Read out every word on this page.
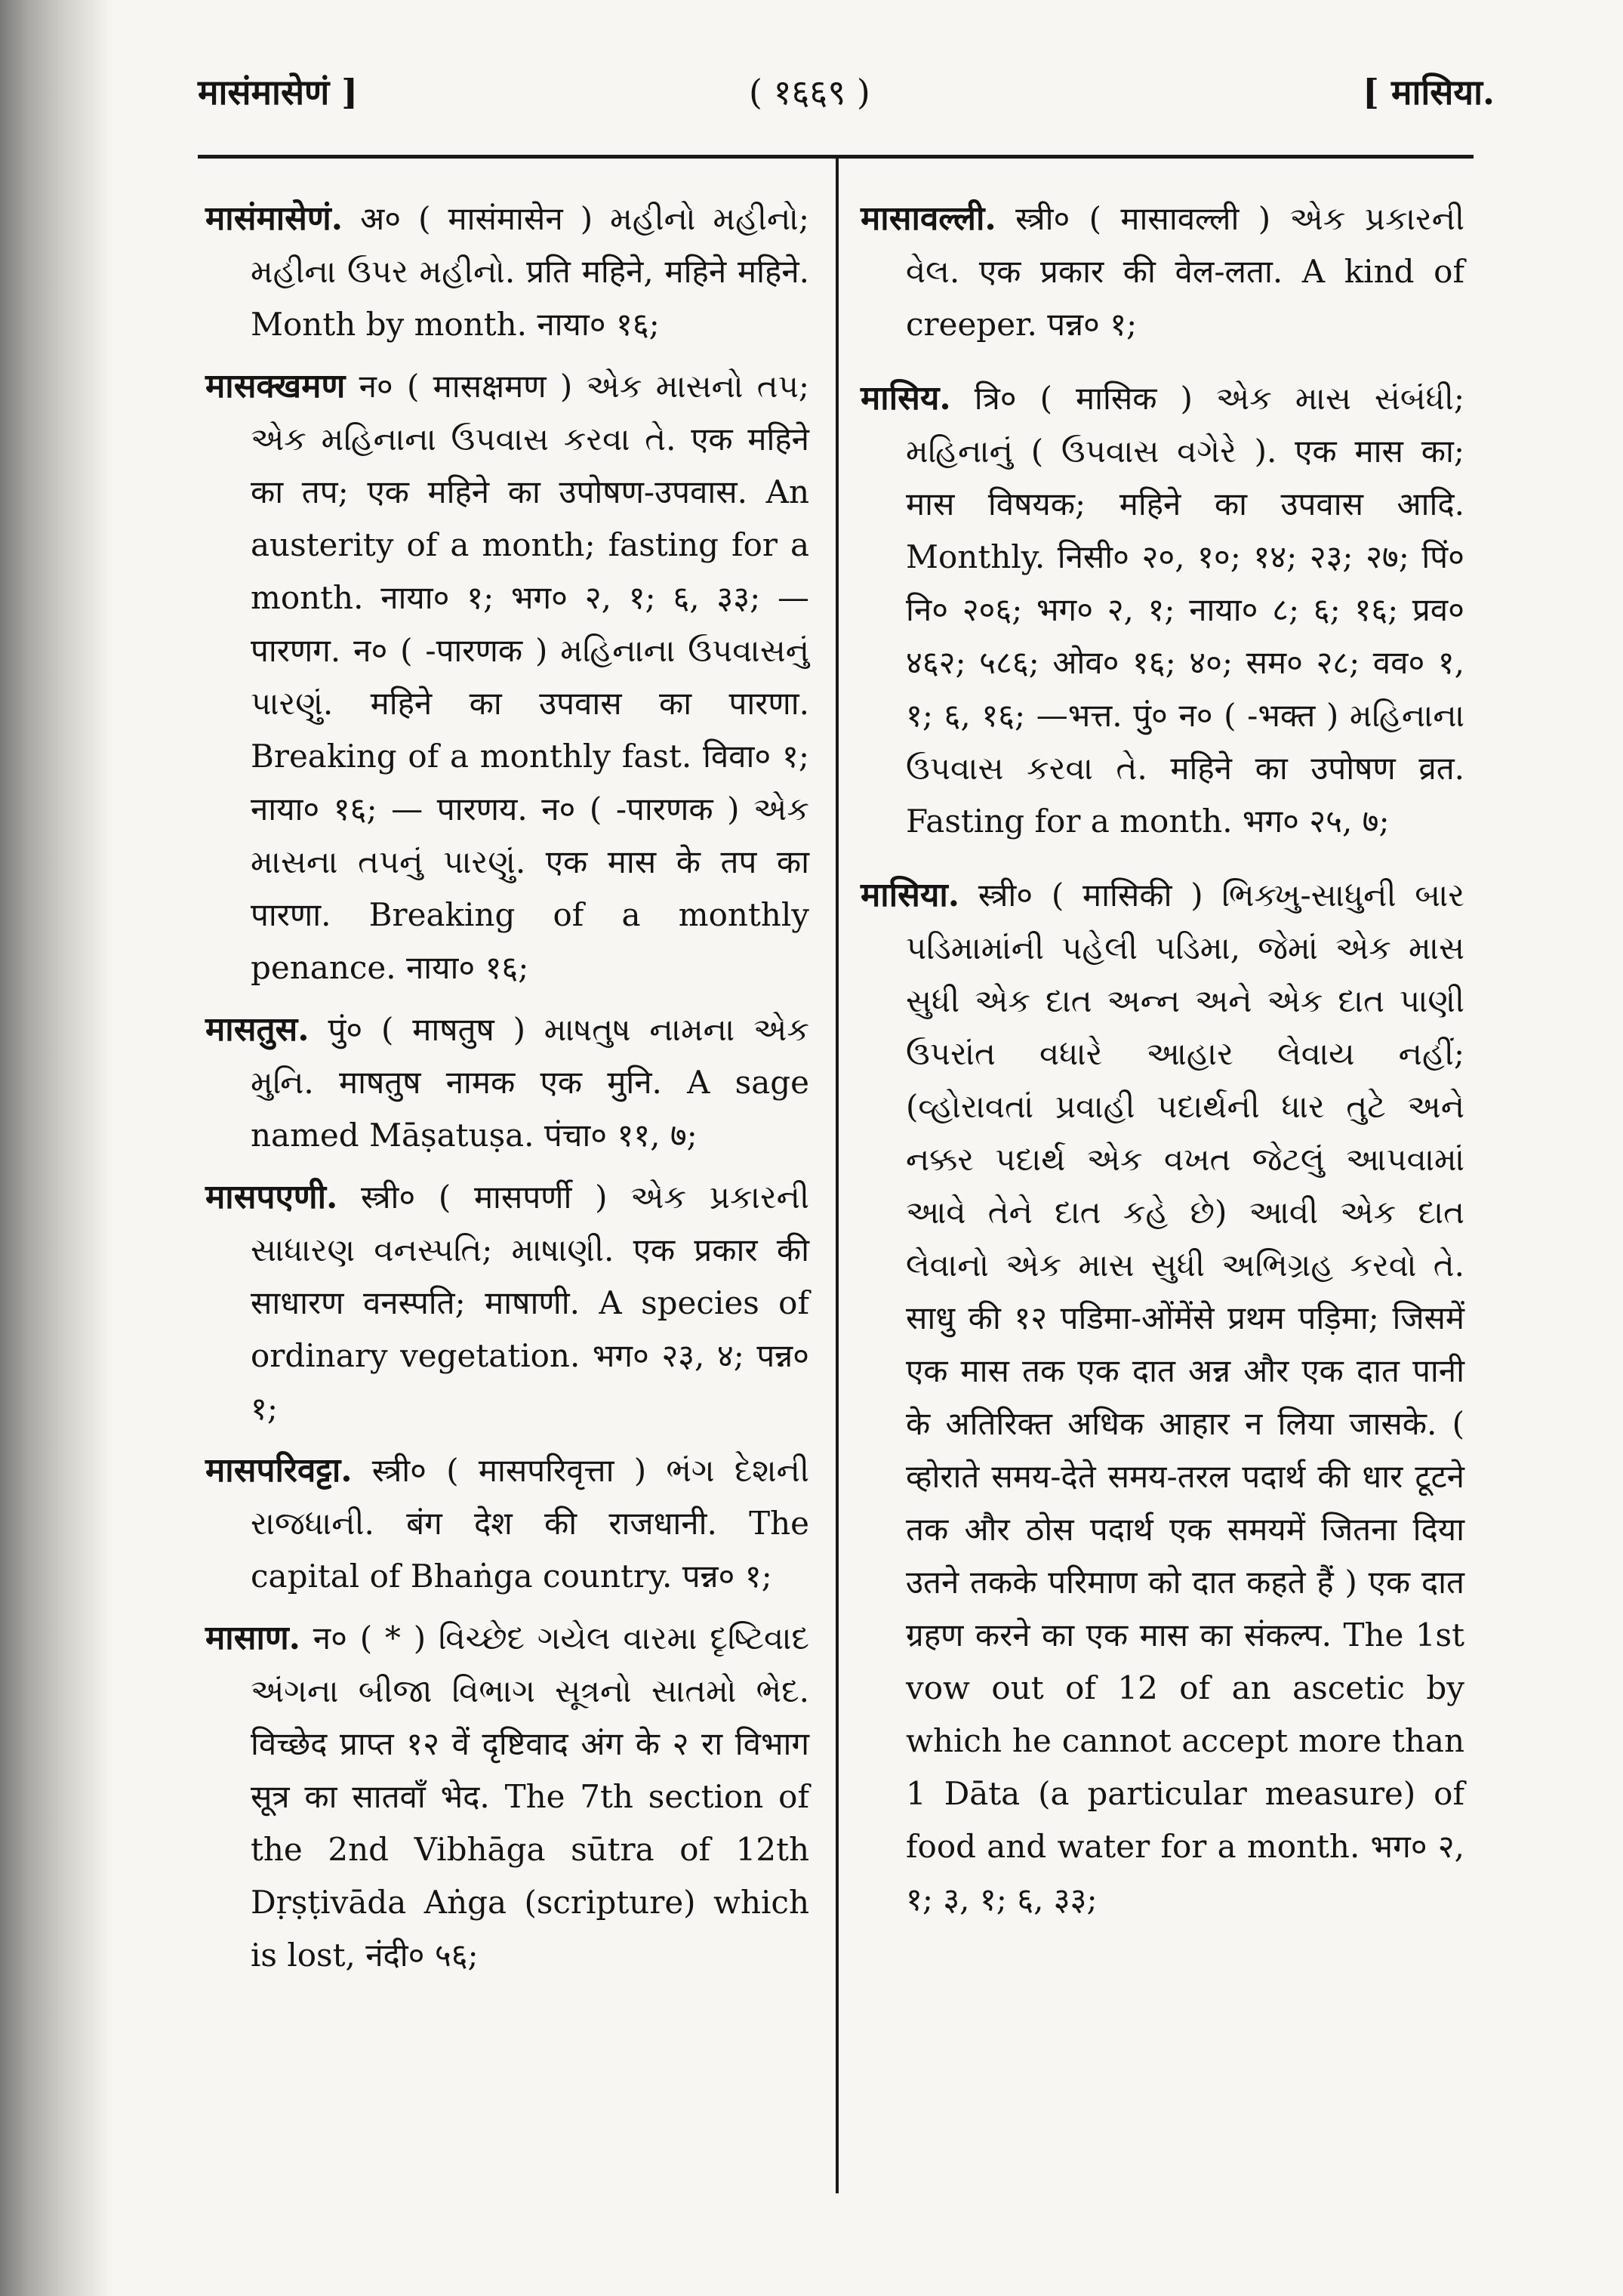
मासंमासेणं ]	( १६६९ )	[ मासिया.

मासंमासेणं. अ० ( मासंमासेन ) મહીનો મહીનો; મહીના ઉપર મહીનો. प्रति महिने, महिने महिने. Month by month. नाया० १६;

मासक्खमण न० ( मासक्षमण ) એક માસનો તપ; એક મહિનાના ઉપવાસ કરવા તે. एक महिने का तप; एक महिने का उपोषण-उपवास. An austerity of a month; fasting for a month. नाया० १; भग० २, १; ६, ३३; —पारणग. न० ( -पारणक ) મહિનાના ઉપવાસનું પારણું. महिने का उपवास का पारणा. Breaking of a monthly fast. विवा० १; नाया० १६; — पारणय. न० ( -पारणक ) એક માસના તપનું પારણું. एक मास के तप का पारणा. Breaking of a monthly penance. नाया० १६;

मासतुस. पुं० ( माषतुष ) માષતુષ નામના એક મુનિ. माषतुष नामक एक मुनि. A sage named Māṣatuṣa. पंचा० ११, ७;

मासपएणी. स्त्री० ( मासपर्णी ) એક પ્રકારની સાધારણ વનસ્પતિ; માષાણી. एक प्रकार की साधारण वनस्पति; माषाणी. A species of ordinary vegetation. भग० २३, ४; पन्न० १;

मासपरिवट्टा. स्त्री० ( मासपरिवृत्ता ) ભંગ દેશની રાજધાની. बंग देश की राजधानी. The capital of Bhaṅga country. पन्न० १;

मासाण. न० ( * ) વિચ્છેદ ગયેલ વારમા દૃષ્ટિવાદ અંગના બીજા વિભાગ સૂત્રનો સાતમો ભેદ. विच्छेद प्राप्त १२ वें दृष्टिवाद अंग के २ रा विभाग सूत्र का सातवाँ भेद. The 7th section of the 2nd Vibhāga sūtra of 12th Dṛṣṭivāda Aṅga (scripture) which is lost, नंदी० ५६;

मासावल्ली. स्त्री० ( मासावल्ली ) એક પ્રકારની વેલ. एक प्रकार की वेल-लता. A kind of creeper. पन्न० १;

मासिय. त्रि० ( मासिक ) એક માસ સંબંધી; મહિનાનું ( ઉપવાસ વગેરે ). एक मास का; मास विषयक; महिने का उपवास आदि. Monthly. निसी० २०, १०; १४; २३; २७; पिं० नि० २०६; भग० २, १; नाया० ८; ६; १६; प्रव० ४६२; ५८६; ओव० १६; ४०; सम० २८; वव० १, १; ६, १६; —भत्त. पुं० न० ( -भक्त ) મહિનાના ઉપવાસ કરવા તે. महिने का उपोषण व्रत. Fasting for a month. भग० २५, ७;

मासिया. स्त्री० ( मासिकी ) ભિક્ખુ-સાધુની બાર પડિમામાંની પહેલી પડિમા, જેમાં એક માસ સુધી એક દાત અન્ન અને એક દાત પાણી ઉપરાંત વધારે આહાર લેવાય નહીં; (વ્હોરાવતાં પ્રવાહી પદાર્થની ધાર તુટે અને નક્કર પદાર્થ એક વખત જેટલું આપવામાં આવે તેને દાત કહે છે) આવી એક દાત લેવાનો એક માસ સુધી અભિગ્રહ કરવો તે. साधु की १२ पडिमा-ओंमेंसे प्रथम पड़िमा; जिसमें एक मास तक एक दात अन्न और एक दात पानी के अतिरिक्त अधिक आहार न लिया जासके. ( व्होराते समय-देते समय-तरल पदार्थ की धार टूटने तक और ठोस पदार्थ एक समयमें जितना दिया उतने तकके परिमाण को दात कहते हैं ) एक दात ग्रहण करने का एक मास का संकल्प. The 1st vow out of 12 of an ascetic by which he cannot accept more than 1 Dāta (a particular measure) of food and water for a month. भग० २, १; ३, १; ६, ३३;
